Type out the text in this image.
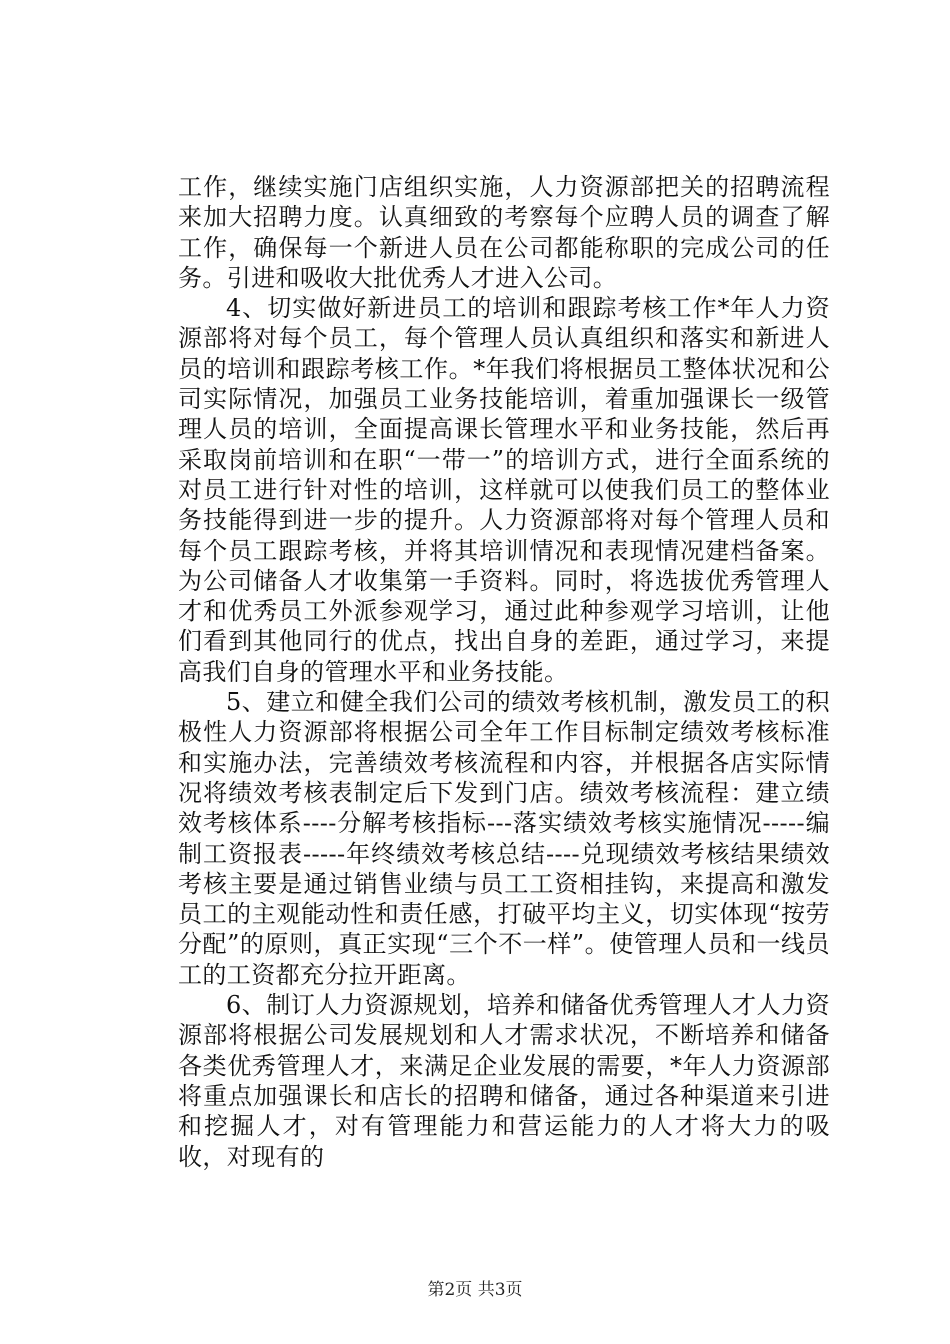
工作，继续实施门店组织实施，人力资源部把关的招聘流程来加大招聘力度。认真细致的考察每个应聘人员的调查了解工作，确保每一个新进人员在公司都能称职的完成公司的任务。引进和吸收大批优秀人才进入公司。

4、切实做好新进员工的培训和跟踪考核工作*年人力资源部将对每个员工，每个管理人员认真组织和落实和新进人员的培训和跟踪考核工作。*年我们将根据员工整体状况和公司实际情况，加强员工业务技能培训，着重加强课长一级管理人员的培训，全面提高课长管理水平和业务技能，然后再采取岗前培训和在职“一带一”的培训方式，进行全面系统的对员工进行针对性的培训，这样就可以使我们员工的整体业务技能得到进一步的提升。人力资源部将对每个管理人员和每个员工跟踪考核，并将其培训情况和表现情况建档备案。为公司储备人才收集第一手资料。同时，将选拔优秀管理人才和优秀员工外派参观学习，通过此种参观学习培训，让他们看到其他同行的优点，找出自身的差距，通过学习，来提高我们自身的管理水平和业务技能。

5、建立和健全我们公司的绩效考核机制，激发员工的积极性人力资源部将根据公司全年工作目标制定绩效考核标准和实施办法，完善绩效考核流程和内容，并根据各店实际情况将绩效考核表制定后下发到门店。绩效考核流程：建立绩效考核体系----分解考核指标---落实绩效考核实施情况-----编制工资报表-----年终绩效考核总结----兑现绩效考核结果绩效考核主要是通过销售业绩与员工工资相挂钩，来提高和激发员工的主观能动性和责任感，打破平均主义，切实体现“按劳分配”的原则，真正实现“三个不一样”。使管理人员和一线员工的工资都充分拉开距离。

6、制订人力资源规划，培养和储备优秀管理人才人力资源部将根据公司发展规划和人才需求状况，不断培养和储备各类优秀管理人才，来满足企业发展的需要，*年人力资源部将重点加强课长和店长的招聘和储备，通过各种渠道来引进和挖掘人才，对有管理能力和营运能力的人才将大力的吸收，对现有的

第2页 共3页
